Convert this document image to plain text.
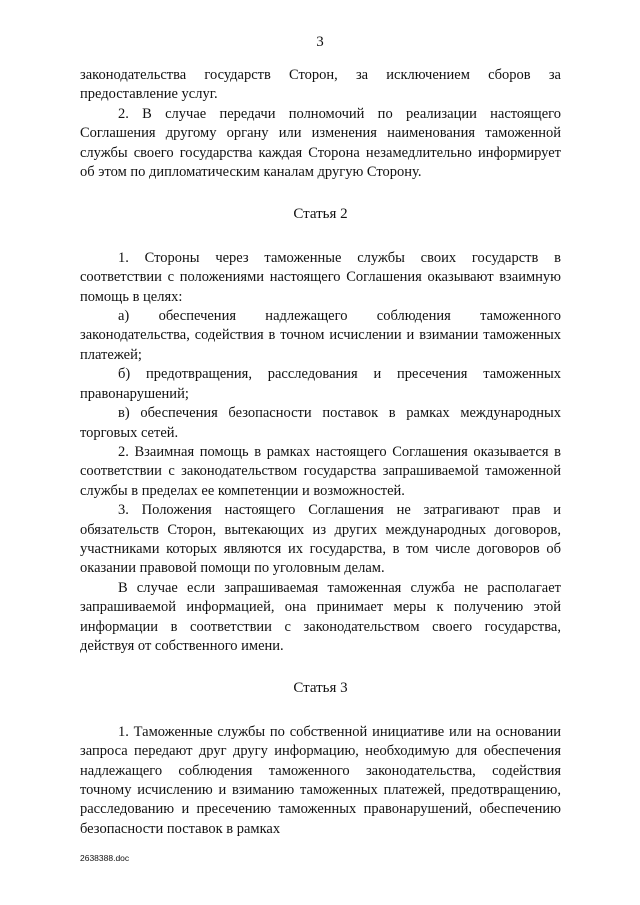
3

законодательства государств Сторон, за исключением сборов за предоставление услуг.

2. В случае передачи полномочий по реализации настоящего Соглашения другому органу или изменения наименования таможенной службы своего государства каждая Сторона незамедлительно информирует об этом по дипломатическим каналам другую Сторону.

Статья 2

1. Стороны через таможенные службы своих государств в соответствии с положениями настоящего Соглашения оказывают взаимную помощь в целях:

а) обеспечения надлежащего соблюдения таможенного законодательства, содействия в точном исчислении и взимании таможенных платежей;

б) предотвращения, расследования и пресечения таможенных правонарушений;

в) обеспечения безопасности поставок в рамках международных торговых сетей.

2. Взаимная помощь в рамках настоящего Соглашения оказывается в соответствии с законодательством государства запрашиваемой таможенной службы в пределах ее компетенции и возможностей.

3. Положения настоящего Соглашения не затрагивают прав и обязательств Сторон, вытекающих из других международных договоров, участниками которых являются их государства, в том числе договоров об оказании правовой помощи по уголовным делам.

В случае если запрашиваемая таможенная служба не располагает запрашиваемой информацией, она принимает меры к получению этой информации в соответствии с законодательством своего государства, действуя от собственного имени.

Статья 3

1. Таможенные службы по собственной инициативе или на основании запроса передают друг другу информацию, необходимую для обеспечения надлежащего соблюдения таможенного законодательства, содействия точному исчислению и взиманию таможенных платежей, предотвращению, расследованию и пресечению таможенных правонарушений, обеспечению безопасности поставок в рамках

2638388.doc
